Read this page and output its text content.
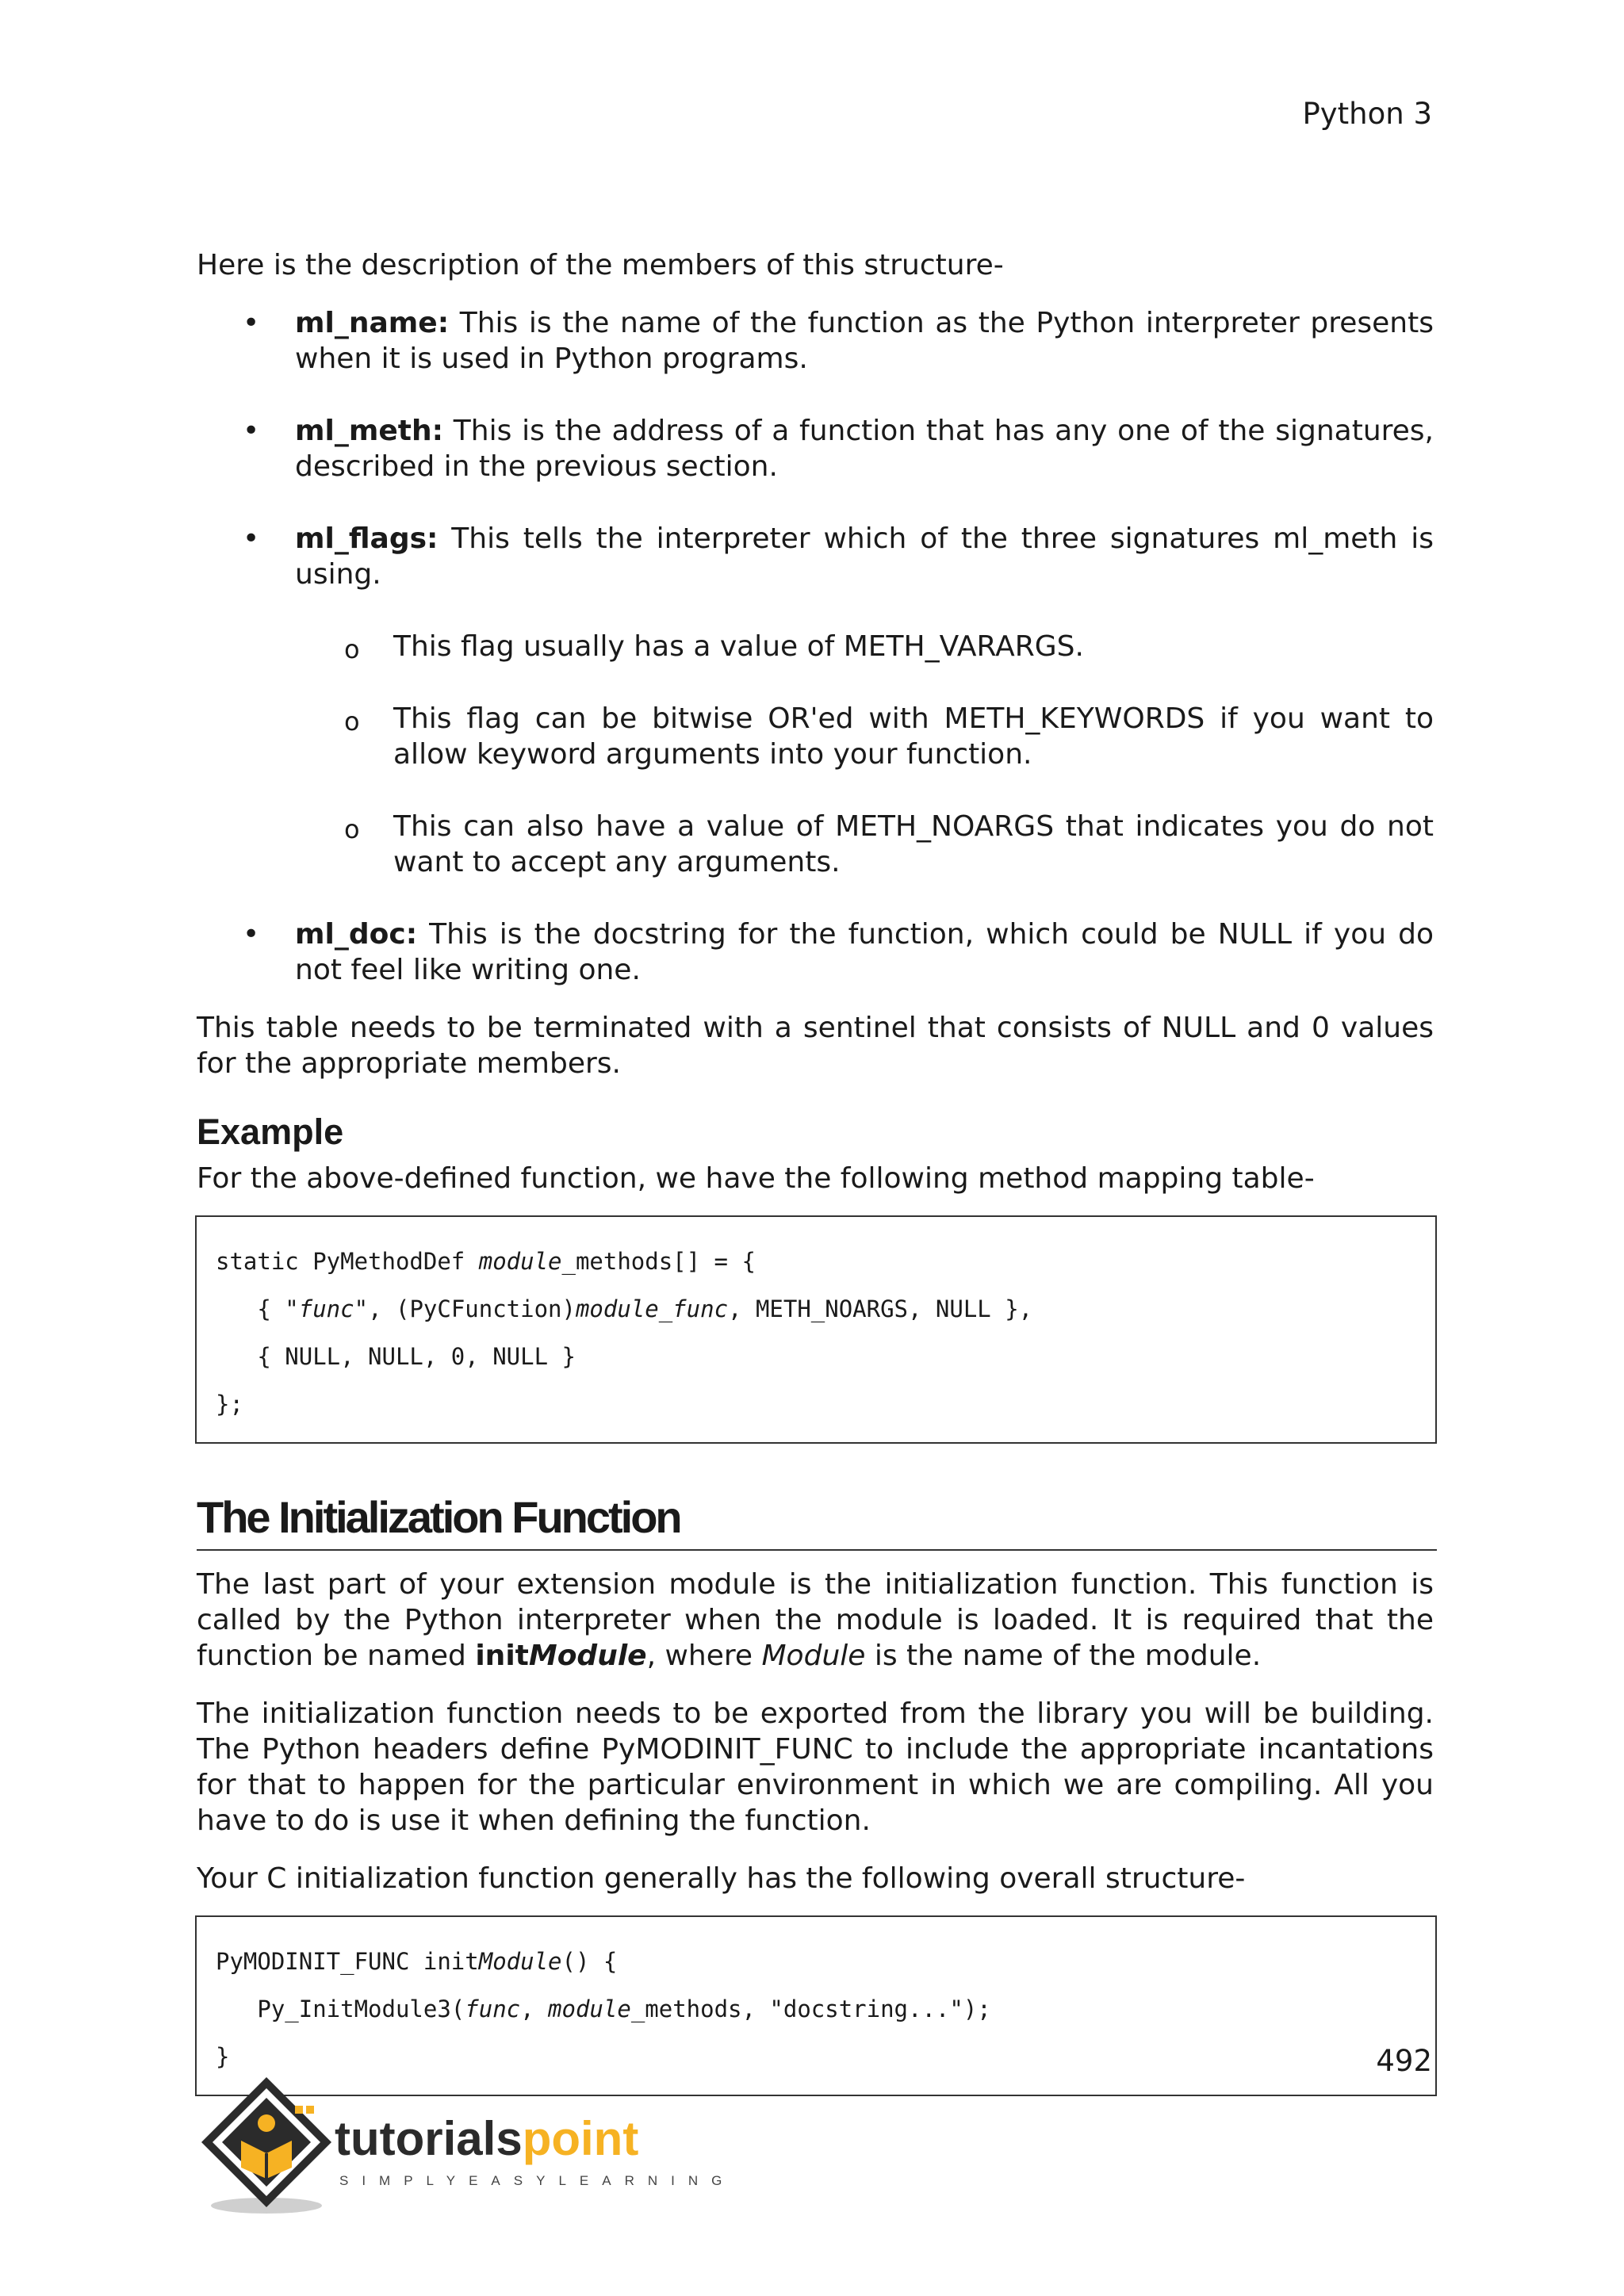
Python 3

Here is the description of the members of this structure-

• ml_name: This is the name of the function as the Python interpreter presents when it is used in Python programs.

• ml_meth: This is the address of a function that has any one of the signatures, described in the previous section.

• ml_flags: This tells the interpreter which of the three signatures ml_meth is using.

o This flag usually has a value of METH_VARARGS.

o This flag can be bitwise OR'ed with METH_KEYWORDS if you want to allow keyword arguments into your function.

o This can also have a value of METH_NOARGS that indicates you do not want to accept any arguments.

• ml_doc: This is the docstring for the function, which could be NULL if you do not feel like writing one.

This table needs to be terminated with a sentinel that consists of NULL and 0 values for the appropriate members.

Example

For the above-defined function, we have the following method mapping table-

static PyMethodDef module_methods[] = {
{ "func", (PyCFunction)module_func, METH_NOARGS, NULL },
{ NULL, NULL, 0, NULL }
};
The Initialization Function

The last part of your extension module is the initialization function. This function is called by the Python interpreter when the module is loaded. It is required that the function be named initModule, where Module is the name of the module.

The initialization function needs to be exported from the library you will be building. The Python headers define PyMODINIT_FUNC to include the appropriate incantations for that to happen for the particular environment in which we are compiling. All you have to do is use it when defining the function.

Your C initialization function generally has the following overall structure-

PyMODINIT_FUNC initModule() {
Py_InitModule3(func, module_methods, "docstring...");
}	492
tutorialspoint
SIMPLYEASYLEARNING
